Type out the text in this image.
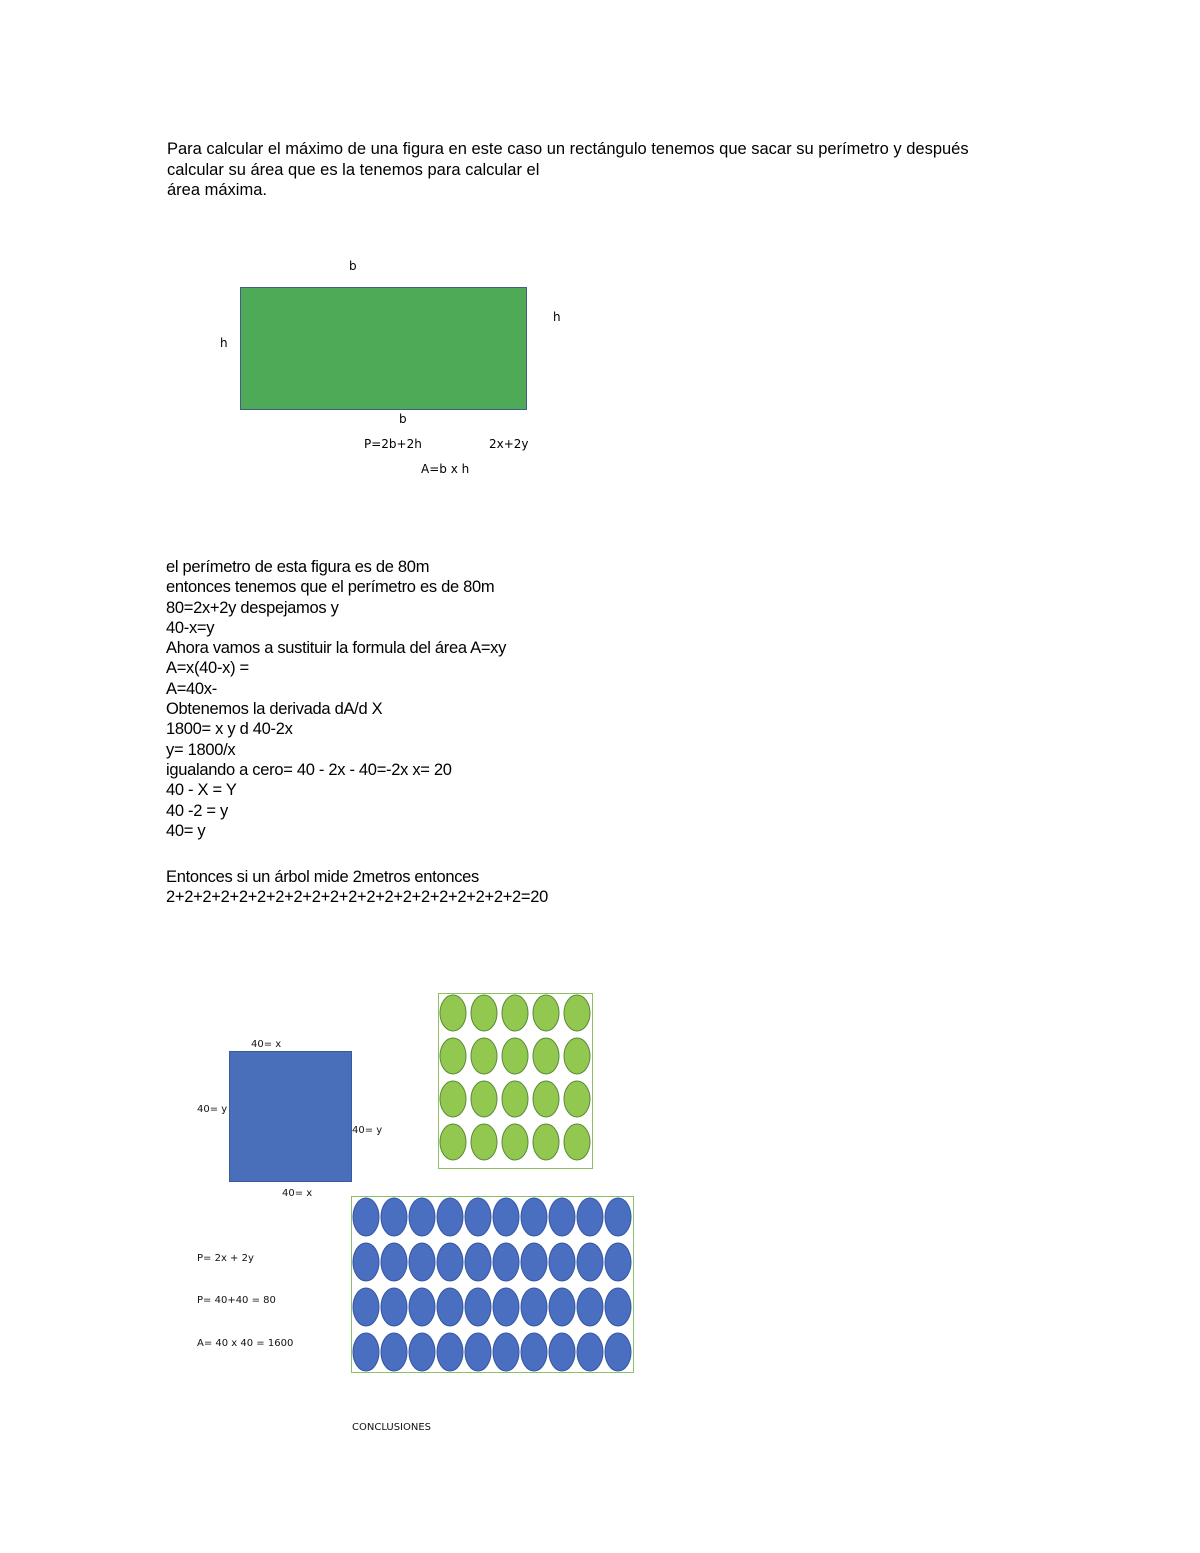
Para calcular el máximo de una figura en este caso un rectángulo tenemos que sacar su perímetro y después

calcular su área que es la tenemos para calcular el

área máxima.

b
b
h
h
P=2b+2h	2x+2y
A=b x h
el perímetro de esta figura es de 80m
entonces tenemos que el perímetro es de 80m
80=2x+2y despejamos y
40-x=y
Ahora vamos a sustituir la formula del área A=xy
A=x(40-x) =
A=40x-
Obtenemos la derivada dA/d X
1800= x y d 40-2x
y= 1800/x
igualando a cero= 40 - 2x - 40=-2x x= 20
40 - X = Y
40 -2 = y
40= y
Entonces si un árbol mide 2metros entonces
2+2+2+2+2+2+2+2+2+2+2+2+2+2+2+2+2+2+2+2=20
40= x
40= x
40= y
40= y
P= 2x + 2y
P= 40+40 = 80
A= 40 x 40 = 1600
CONCLUSIONES
